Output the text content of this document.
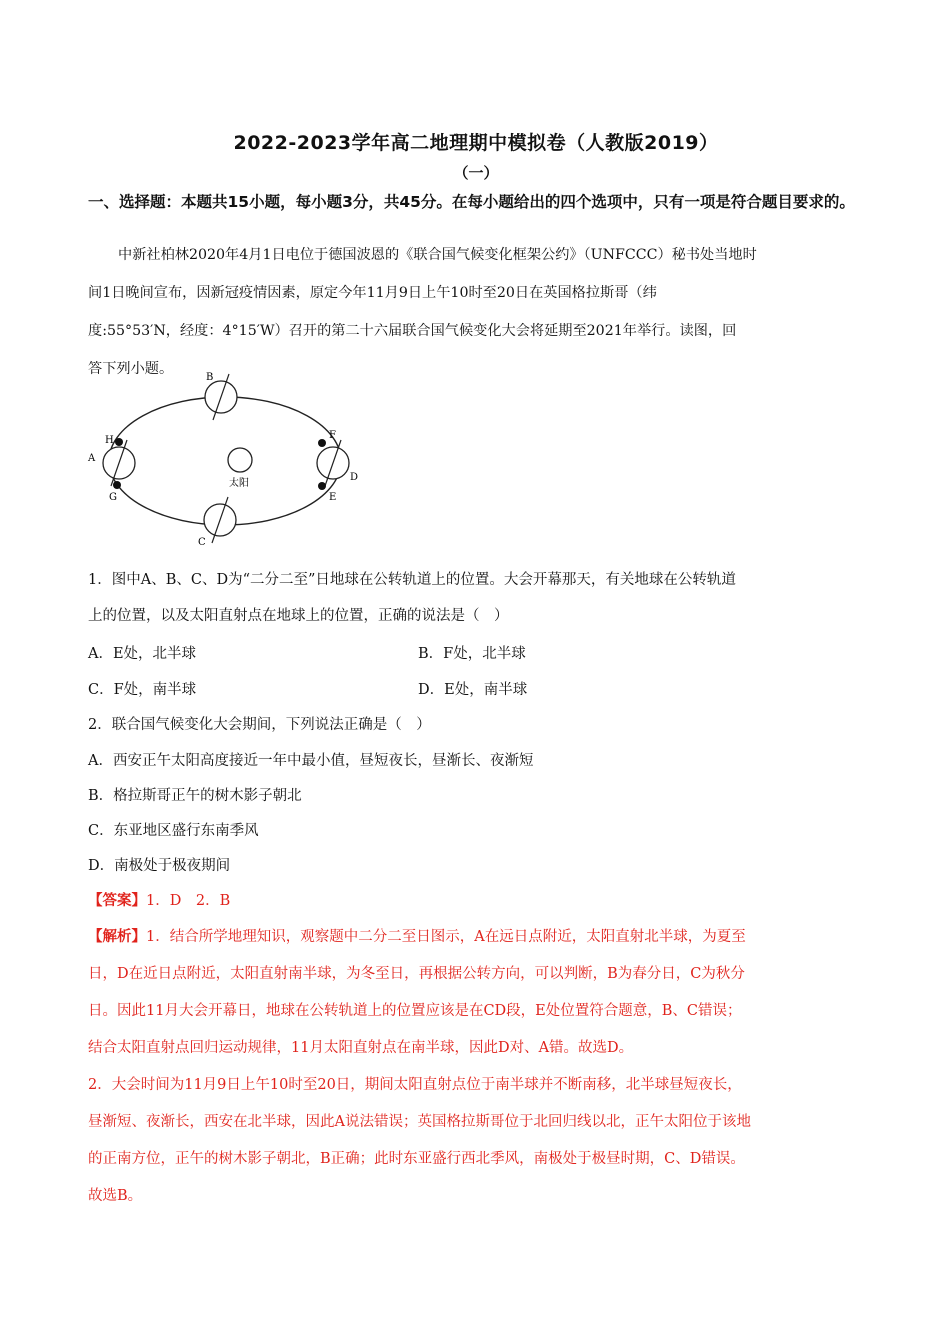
2022-2023学年高二地理期中模拟卷（人教版2019）
（一）
一、选择题：本题共15小题，每小题3分，共45分。在每小题给出的四个选项中，只有一项是符合题目要求的。

中新社柏林2020年4月1日电位于德国波恩的《联合国气候变化框架公约》（UNFCCC）秘书处当地时

间1日晚间宣布，因新冠疫情因素，原定今年11月9日上午10时至20日在英国格拉斯哥（纬

度:55°53′N，经度：4°15′W）召开的第二十六届联合国气候变化大会将延期至2021年举行。读图，回

答下列小题。

太阳
B
A
D
C
H
G
F
E
1．图中A、B、C、D为“二分二至”日地球在公转轨道上的位置。大会开幕那天，有关地球在公转轨道
上的位置，以及太阳直射点在地球上的位置，正确的说法是（　）
A．E处，北半球	B．F处，北半球
C．F处，南半球	D．E处，南半球
2．联合国气候变化大会期间，下列说法正确是（　）
A．西安正午太阳高度接近一年中最小值，昼短夜长，昼渐长、夜渐短
B．格拉斯哥正午的树木影子朝北
C．东亚地区盛行东南季风
D．南极处于极夜期间
【答案】1．D　2．B
【解析】1．结合所学地理知识，观察题中二分二至日图示，A在远日点附近，太阳直射北半球，为夏至
日，D在近日点附近，太阳直射南半球，为冬至日，再根据公转方向，可以判断，B为春分日，C为秋分
日。因此11月大会开幕日，地球在公转轨道上的位置应该是在CD段，E处位置符合题意，B、C错误；
结合太阳直射点回归运动规律，11月太阳直射点在南半球，因此D对、A错。故选D。
2．大会时间为11月9日上午10时至20日，期间太阳直射点位于南半球并不断南移，北半球昼短夜长，
昼渐短、夜渐长，西安在北半球，因此A说法错误；英国格拉斯哥位于北回归线以北，正午太阳位于该地
的正南方位，正午的树木影子朝北，B正确；此时东亚盛行西北季风，南极处于极昼时期，C、D错误。
故选B。
